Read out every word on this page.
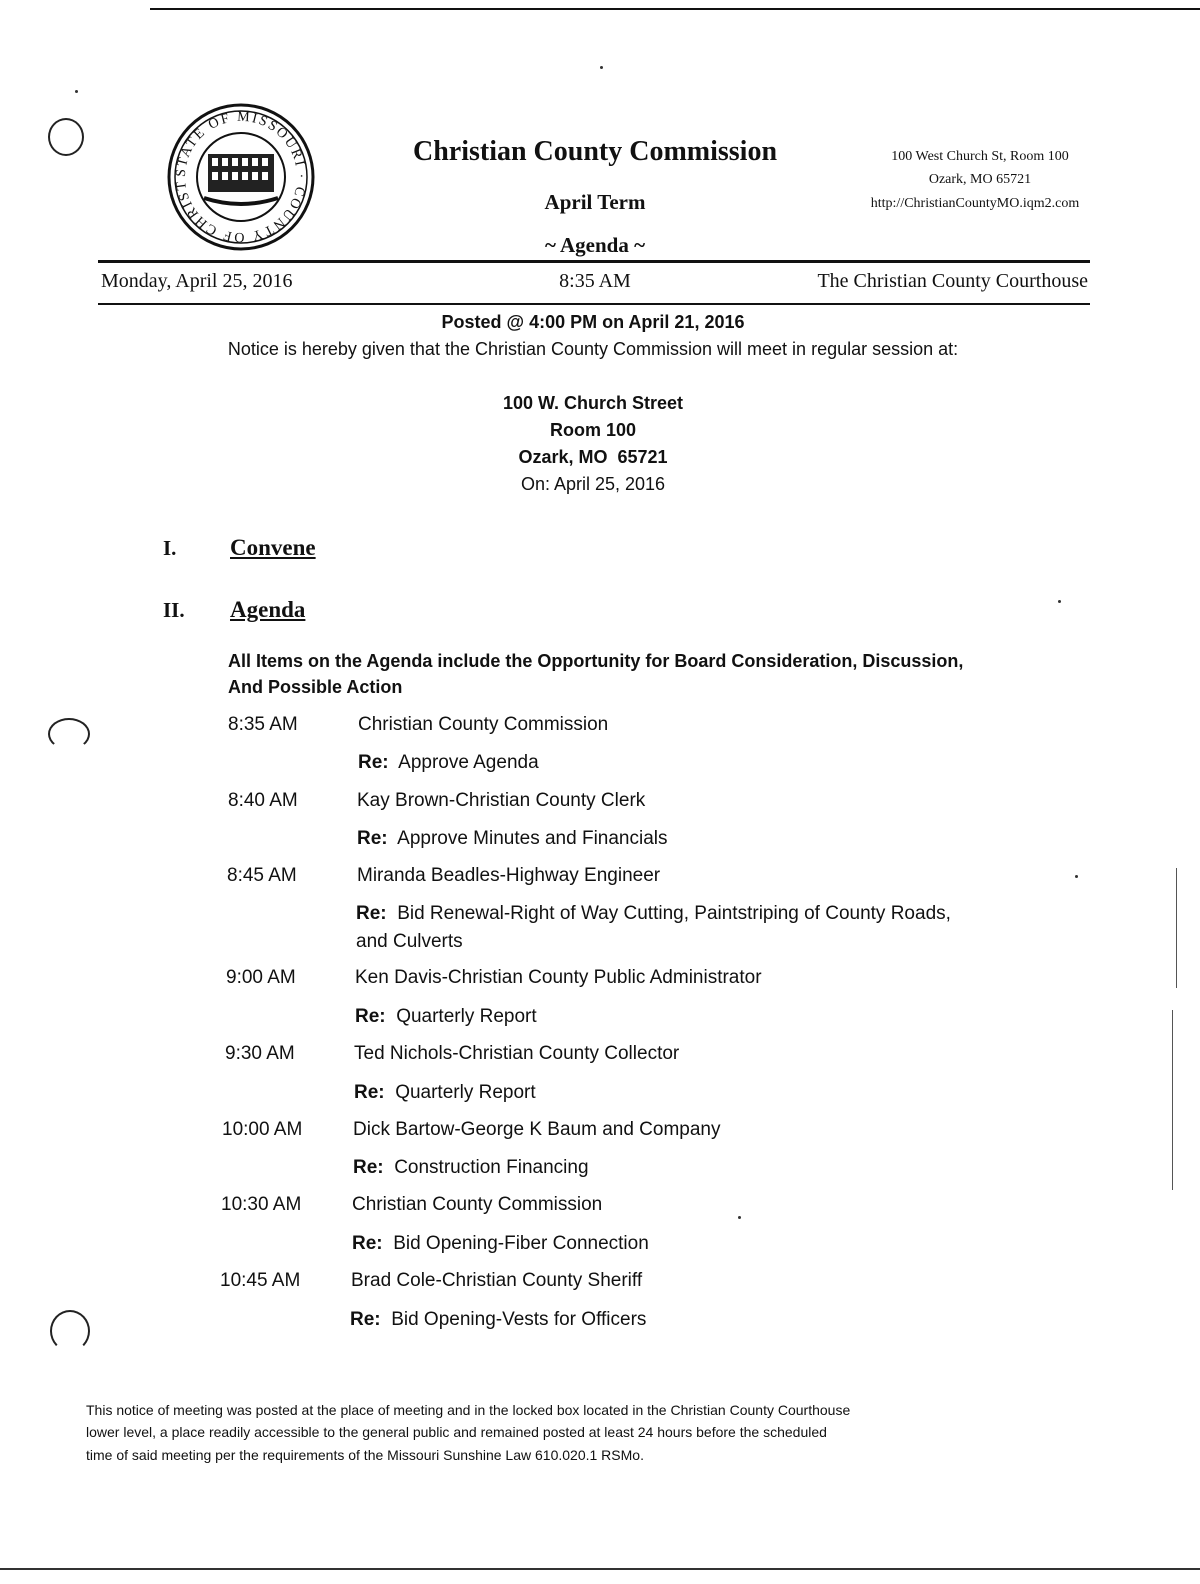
STATE OF MISSOURI · COUNTY OF CHRIST
Christian County Commission
April Term
~ Agenda ~
100 West Church St, Room 100
Ozark, MO 65721
http://ChristianCountyMO.iqm2.com
Monday, April 25, 2016	8:35 AM	The Christian County Courthouse
Posted @ 4:00 PM on April 21, 2016
Notice is hereby given that the Christian County Commission will meet in regular session at:
100 W. Church Street
Room 100
Ozark, MO  65721
On: April 25, 2016
I. Convene
II. Agenda
All Items on the Agenda include the Opportunity for Board Consideration, Discussion,
And Possible Action
8:35 AM	Christian County Commission
Re: Approve Agenda
8:40 AM	Kay Brown-Christian County Clerk
Re: Approve Minutes and Financials
8:45 AM	Miranda Beadles-Highway Engineer
Re: Bid Renewal-Right of Way Cutting, Paintstriping of County Roads,
and Culverts
9:00 AM	Ken Davis-Christian County Public Administrator
Re: Quarterly Report
9:30 AM	Ted Nichols-Christian County Collector
Re: Quarterly Report
10:00 AM	Dick Bartow-George K Baum and Company
Re: Construction Financing
10:30 AM	Christian County Commission
Re: Bid Opening-Fiber Connection
10:45 AM	Brad Cole-Christian County Sheriff
Re: Bid Opening-Vests for Officers
This notice of meeting was posted at the place of meeting and in the locked box located in the Christian County Courthouse
lower level, a place readily accessible to the general public and remained posted at least 24 hours before the scheduled
time of said meeting per the requirements of the Missouri Sunshine Law 610.020.1 RSMo.
